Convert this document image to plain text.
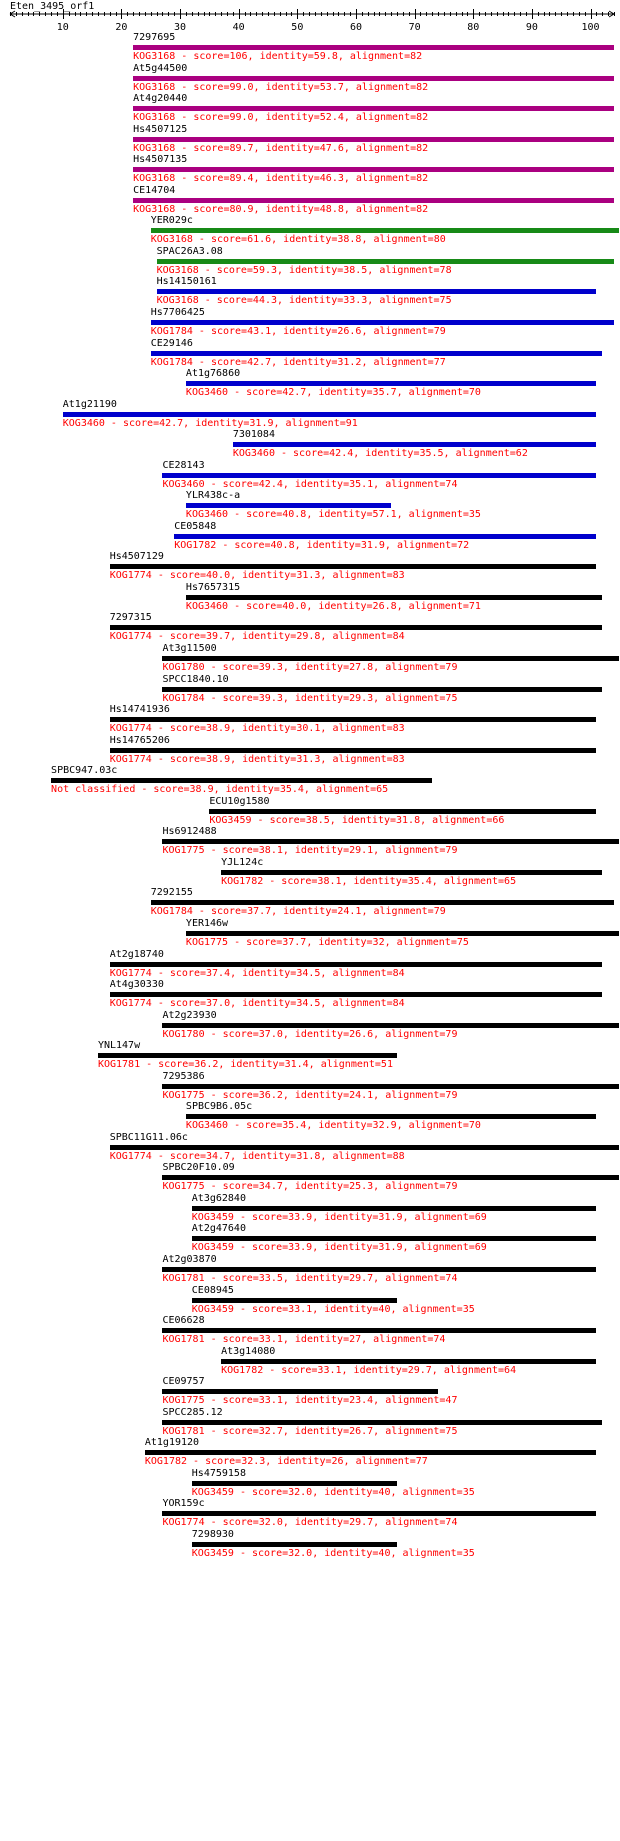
Eten_3495_orf1
10	20	30	40	50	60	70	80	90	100
7297695
KOG3168 - score=106, identity=59.8, alignment=82
At5g44500
KOG3168 - score=99.0, identity=53.7, alignment=82
At4g20440
KOG3168 - score=99.0, identity=52.4, alignment=82
Hs4507125
KOG3168 - score=89.7, identity=47.6, alignment=82
Hs4507135
KOG3168 - score=89.4, identity=46.3, alignment=82
CE14704
KOG3168 - score=80.9, identity=48.8, alignment=82
YER029c
KOG3168 - score=61.6, identity=38.8, alignment=80
SPAC26A3.08
KOG3168 - score=59.3, identity=38.5, alignment=78
Hs14150161
KOG3168 - score=44.3, identity=33.3, alignment=75
Hs7706425
KOG1784 - score=43.1, identity=26.6, alignment=79
CE29146
KOG1784 - score=42.7, identity=31.2, alignment=77
At1g76860
KOG3460 - score=42.7, identity=35.7, alignment=70
At1g21190
KOG3460 - score=42.7, identity=31.9, alignment=91
7301084
KOG3460 - score=42.4, identity=35.5, alignment=62
CE28143
KOG3460 - score=42.4, identity=35.1, alignment=74
YLR438c-a
KOG3460 - score=40.8, identity=57.1, alignment=35
CE05848
KOG1782 - score=40.8, identity=31.9, alignment=72
Hs4507129
KOG1774 - score=40.0, identity=31.3, alignment=83
Hs7657315
KOG3460 - score=40.0, identity=26.8, alignment=71
7297315
KOG1774 - score=39.7, identity=29.8, alignment=84
At3g11500
KOG1780 - score=39.3, identity=27.8, alignment=79
SPCC1840.10
KOG1784 - score=39.3, identity=29.3, alignment=75
Hs14741936
KOG1774 - score=38.9, identity=30.1, alignment=83
Hs14765206
KOG1774 - score=38.9, identity=31.3, alignment=83
SPBC947.03c
Not classified - score=38.9, identity=35.4, alignment=65
ECU10g1580
KOG3459 - score=38.5, identity=31.8, alignment=66
Hs6912488
KOG1775 - score=38.1, identity=29.1, alignment=79
YJL124c
KOG1782 - score=38.1, identity=35.4, alignment=65
7292155
KOG1784 - score=37.7, identity=24.1, alignment=79
YER146w
KOG1775 - score=37.7, identity=32, alignment=75
At2g18740
KOG1774 - score=37.4, identity=34.5, alignment=84
At4g30330
KOG1774 - score=37.0, identity=34.5, alignment=84
At2g23930
KOG1780 - score=37.0, identity=26.6, alignment=79
YNL147w
KOG1781 - score=36.2, identity=31.4, alignment=51
7295386
KOG1775 - score=36.2, identity=24.1, alignment=79
SPBC9B6.05c
KOG3460 - score=35.4, identity=32.9, alignment=70
SPBC11G11.06c
KOG1774 - score=34.7, identity=31.8, alignment=88
SPBC20F10.09
KOG1775 - score=34.7, identity=25.3, alignment=79
At3g62840
KOG3459 - score=33.9, identity=31.9, alignment=69
At2g47640
KOG3459 - score=33.9, identity=31.9, alignment=69
At2g03870
KOG1781 - score=33.5, identity=29.7, alignment=74
CE08945
KOG3459 - score=33.1, identity=40, alignment=35
CE06628
KOG1781 - score=33.1, identity=27, alignment=74
At3g14080
KOG1782 - score=33.1, identity=29.7, alignment=64
CE09757
KOG1775 - score=33.1, identity=23.4, alignment=47
SPCC285.12
KOG1781 - score=32.7, identity=26.7, alignment=75
At1g19120
KOG1782 - score=32.3, identity=26, alignment=77
Hs4759158
KOG3459 - score=32.0, identity=40, alignment=35
YOR159c
KOG1774 - score=32.0, identity=29.7, alignment=74
7298930
KOG3459 - score=32.0, identity=40, alignment=35
